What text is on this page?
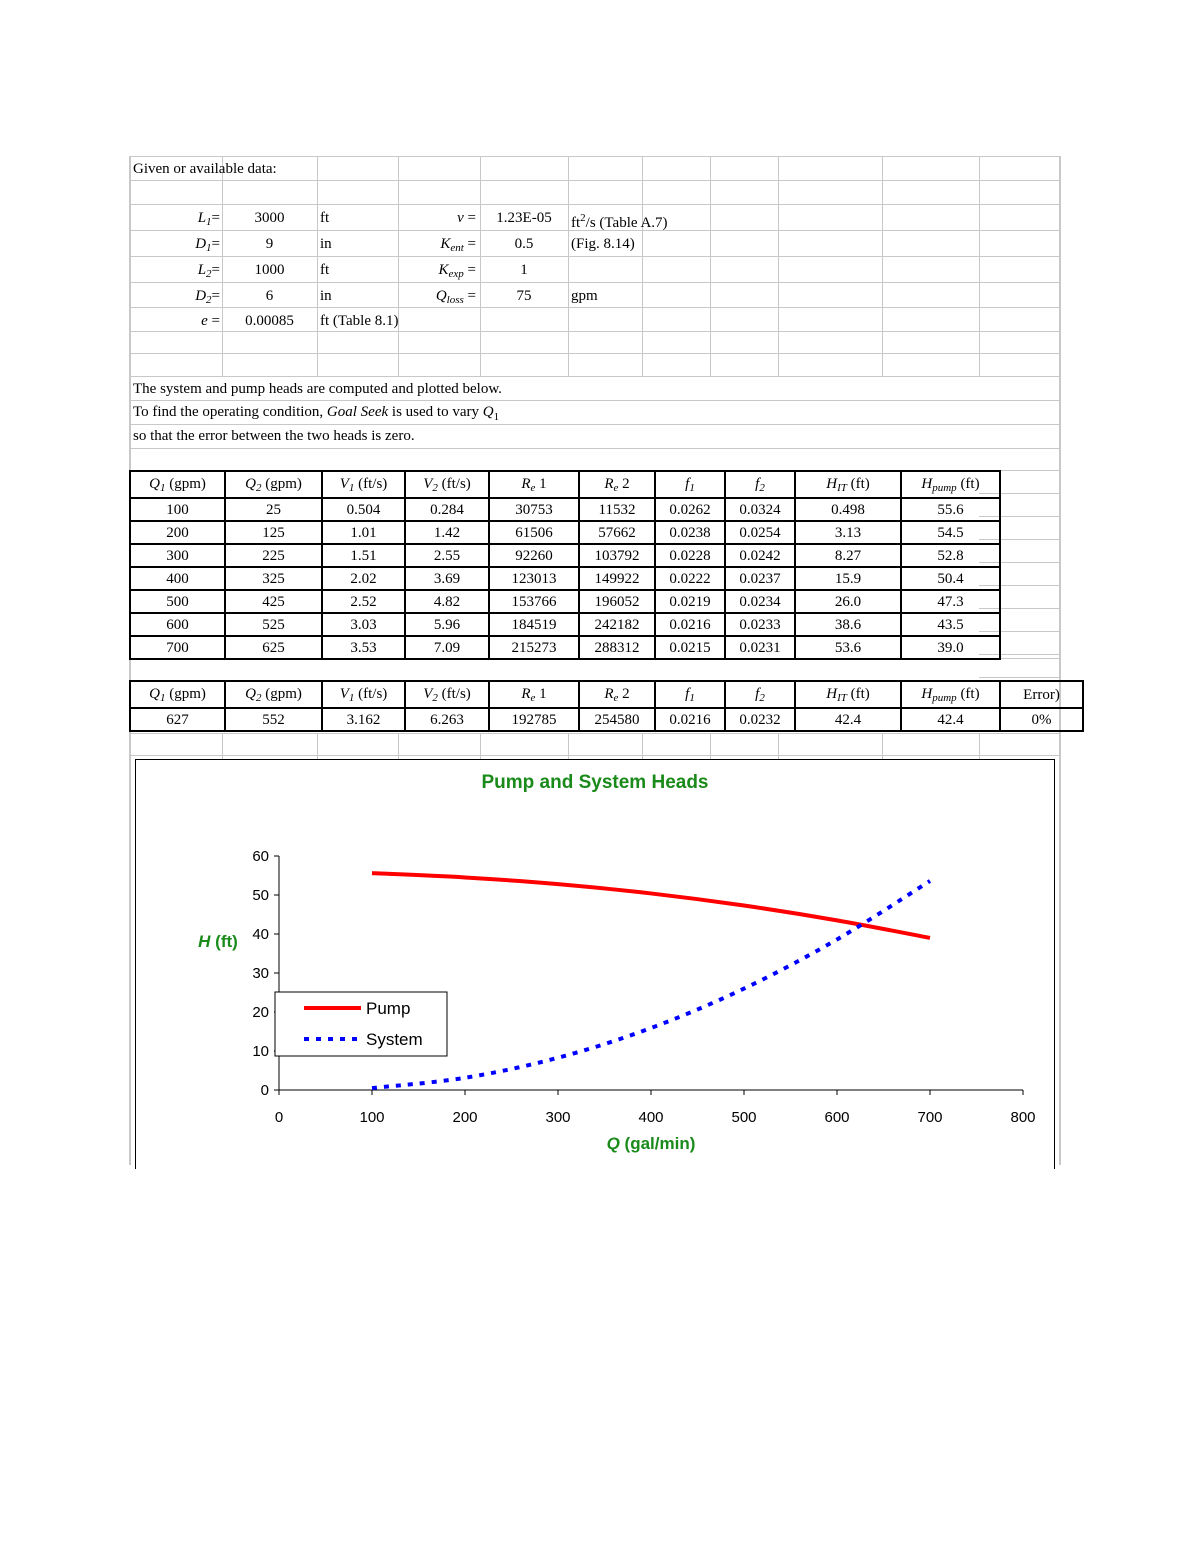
Given or available data:
$L_1=$	3000	ft
$D_1=$	9	in
$L_2=$	1000	ft
$D_2=$	6	in
e =	0.00085	ft (Table 8.1)
ν =	1.23E-05	$ft^2/s$ (Table A.7)
$K_{ent}$ =	0.5	(Fig. 8.14)
$K_{exp}$ =	1
$Q_{loss}$ =	75	gpm
The system and pump heads are computed and plotted below.
To find the operating condition, Goal Seek is used to vary $Q_1$
so that the error between the two heads is zero.
$Q_1$ (gpm)	$Q_2$ (gpm)	$V_1$ (ft/s)	$V_2$ (ft/s)	$R_e$ 1	$R_e$ 2	$f_1$	$f_2$	$H_{IT}$ (ft)	$H_{pump}$ (ft)
100	25	0.504	0.284	30753	11532	0.0262	0.0324	0.498	55.6
200	125	1.01	1.42	61506	57662	0.0238	0.0254	3.13	54.5
300	225	1.51	2.55	92260	103792	0.0228	0.0242	8.27	52.8
400	325	2.02	3.69	123013	149922	0.0222	0.0237	15.9	50.4
500	425	2.52	4.82	153766	196052	0.0219	0.0234	26.0	47.3
600	525	3.03	5.96	184519	242182	0.0216	0.0233	38.6	43.5
700	625	3.53	7.09	215273	288312	0.0215	0.0231	53.6	39.0
$Q_1$ (gpm)	$Q_2$ (gpm)	$V_1$ (ft/s)	$V_2$ (ft/s)	$R_e$ 1	$R_e$ 2	$f_1$	$f_2$	$H_{IT}$ (ft)	$H_{pump}$ (ft)	Error)
627	552	3.162	6.263	192785	254580	0.0216	0.0232	42.4	42.4	0%
Pump and System Heads
0
10
20
30
40
50
60
0	100	200	300	400	500	600	700	800
Q (gal/min)
H (ft)
Pump
System
